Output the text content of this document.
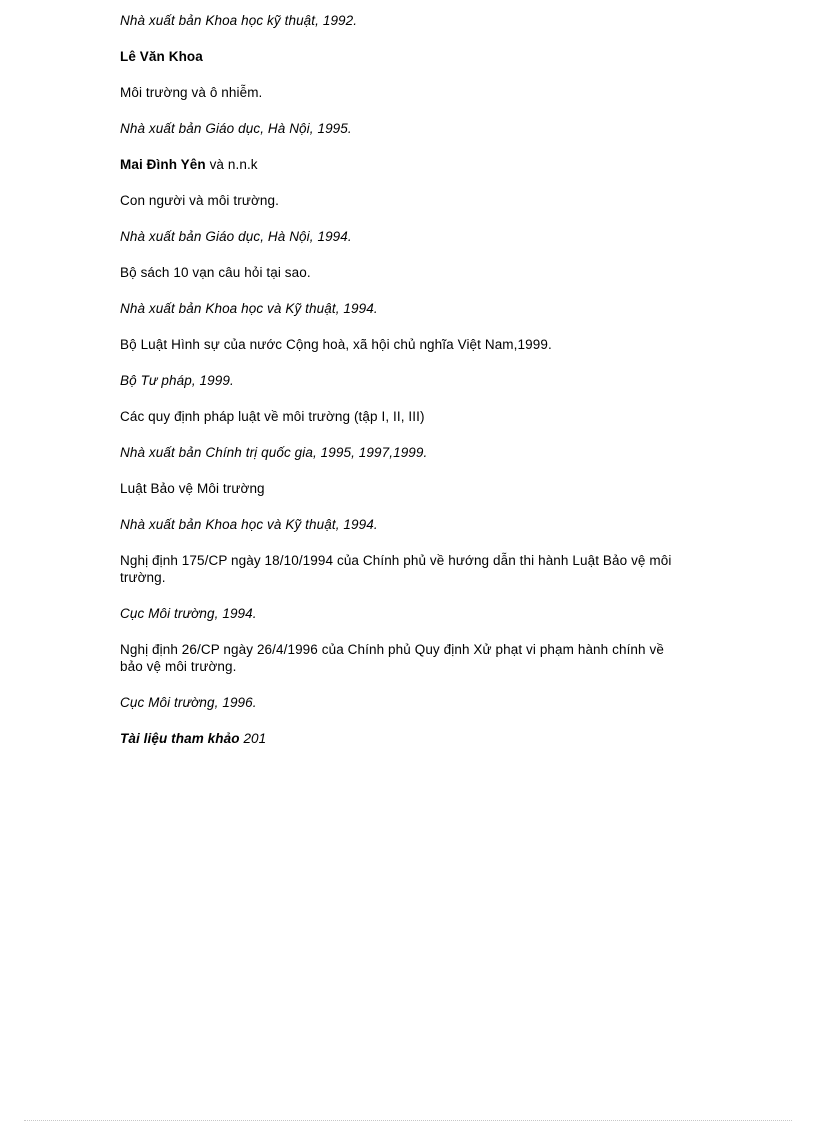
Nhà xuất bản Khoa học kỹ thuật, 1992.

Lê Văn Khoa

Môi trường và ô nhiễm.

Nhà xuất bản Giáo dục, Hà Nội, 1995.

Mai Đình Yên và n.n.k

Con người và môi trường.

Nhà xuất bản Giáo dục, Hà Nội, 1994.

Bộ sách 10 vạn câu hỏi tại sao.

Nhà xuất bản Khoa học và Kỹ thuật, 1994.

Bộ Luật Hình sự của nước Cộng hoà, xã hội chủ nghĩa Việt Nam,1999.

Bộ Tư pháp, 1999.

Các quy định pháp luật về môi trường (tập I, II, III)

Nhà xuất bản Chính trị quốc gia, 1995, 1997,1999.

Luật Bảo vệ Môi trường

Nhà xuất bản Khoa học và Kỹ thuật, 1994.

Nghị định 175/CP ngày 18/10/1994 của Chính phủ về hướng dẫn thi hành Luật Bảo vệ môi trường.

Cục Môi trường, 1994.

Nghị định 26/CP ngày 26/4/1996 của Chính phủ Quy định Xử phạt vi phạm hành chính về bảo vệ môi trường.

Cục Môi trường, 1996.

Tài liệu tham khảo 201
